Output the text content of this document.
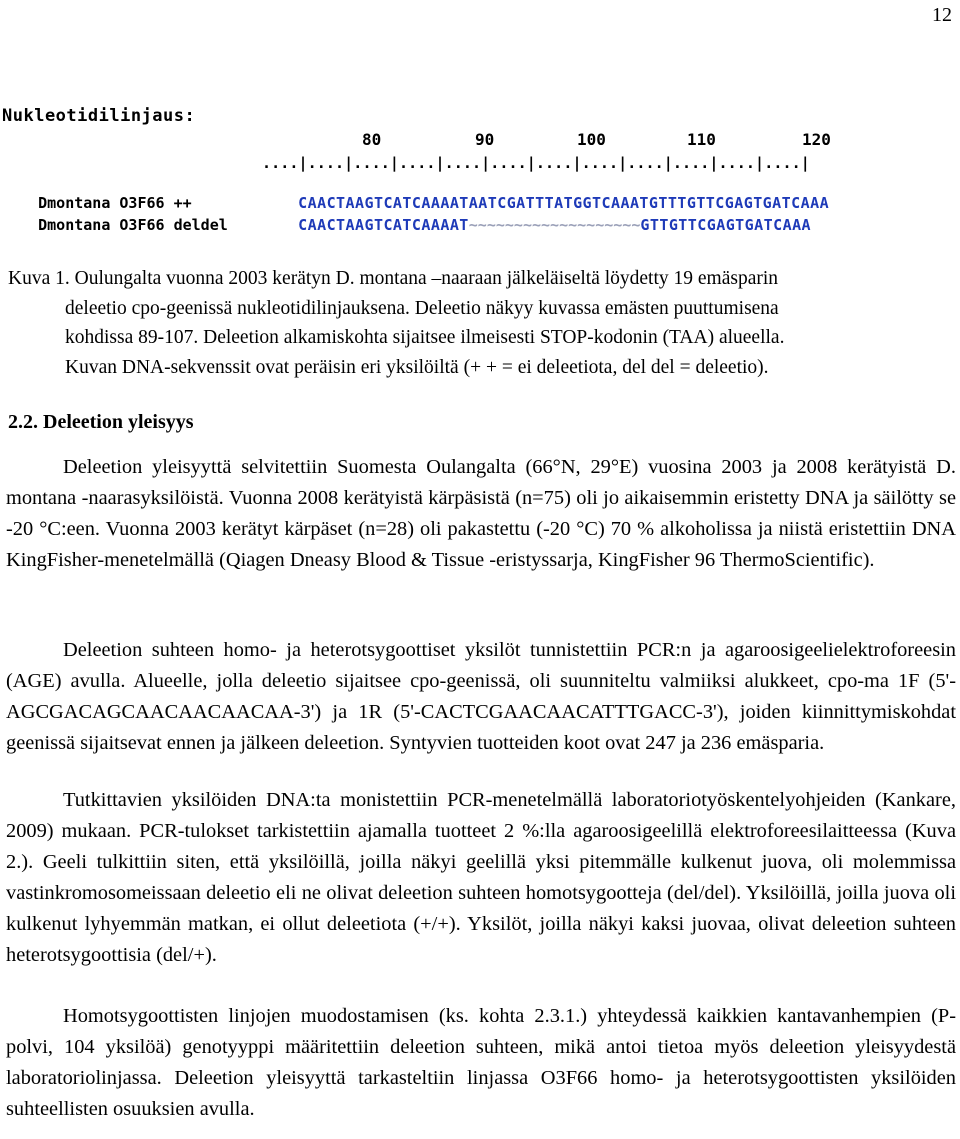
12
Nukleotidilinjaus:
80	90	100	110	120
....|....|....|....|....|....|....|....|....|....|....|....|

Dmontana O3F66 ++	CAACTAAGTCATCAAAATAATCGATTTATGGTCAAATGTTTGTTCGAGTGATCAAA

Dmontana O3F66 deldel	CAACTAAGTCATCAAAAT~~~~~~~~~~~~~~~~~~~GTTGTTCGAGTGATCAAA

Kuva 1. Oulungalta vuonna 2003 kerätyn D. montana –naaraan jälkeläiseltä löydetty 19 emäsparin
deleetio cpo-geenissä nukleotidilinjauksena. Deleetio näkyy kuvassa emästen puuttumisena
kohdissa 89-107. Deleetion alkamiskohta sijaitsee ilmeisesti STOP-kodonin (TAA) alueella.
Kuvan DNA-sekvenssit ovat peräisin eri yksilöiltä (+ + = ei deleetiota, del del = deleetio).
2.2. Deleetion yleisyys
Deleetion yleisyyttä selvitettiin Suomesta Oulangalta (66°N, 29°E) vuosina 2003 ja 2008 kerätyistä D. montana -naarasyksilöistä. Vuonna 2008 kerätyistä kärpäsistä (n=75) oli jo aikaisemmin eristetty DNA ja säilötty se -20 °C:een. Vuonna 2003 kerätyt kärpäset (n=28) oli pakastettu (-20 °C) 70 % alkoholissa ja niistä eristettiin DNA KingFisher-menetelmällä (Qiagen Dneasy Blood & Tissue -eristyssarja, KingFisher 96 ThermoScientific).
Deleetion suhteen homo- ja heterotsygoottiset yksilöt tunnistettiin PCR:n ja agaroosigeelielektroforeesin (AGE) avulla. Alueelle, jolla deleetio sijaitsee cpo-geenissä, oli suunniteltu valmiiksi alukkeet, cpo-ma 1F (5'-AGCGACAGCAACAACAACAA-3') ja 1R (5'-CACTCGAACAACATTTGACC-3'), joiden kiinnittymiskohdat geenissä sijaitsevat ennen ja jälkeen deleetion. Syntyvien tuotteiden koot ovat 247 ja 236 emäsparia.
Tutkittavien yksilöiden DNA:ta monistettiin PCR-menetelmällä laboratoriotyöskentelyohjeiden (Kankare, 2009) mukaan. PCR-tulokset tarkistettiin ajamalla tuotteet 2 %:lla agaroosigeelillä elektroforeesilaitteessa (Kuva 2.). Geeli tulkittiin siten, että yksilöillä, joilla näkyi geelillä yksi pitemmälle kulkenut juova, oli molemmissa vastinkromosomeissaan deleetio eli ne olivat deleetion suhteen homotsygootteja (del/del). Yksilöillä, joilla juova oli kulkenut lyhyemmän matkan, ei ollut deleetiota (+/+). Yksilöt, joilla näkyi kaksi juovaa, olivat deleetion suhteen heterotsygoottisia (del/+).
Homotsygoottisten linjojen muodostamisen (ks. kohta 2.3.1.) yhteydessä kaikkien kantavanhempien (P-polvi, 104 yksilöä) genotyyppi määritettiin deleetion suhteen, mikä antoi tietoa myös deleetion yleisyydestä laboratoriolinjassa. Deleetion yleisyyttä tarkasteltiin linjassa O3F66 homo- ja heterotsygoottisten yksilöiden suhteellisten osuuksien avulla.
